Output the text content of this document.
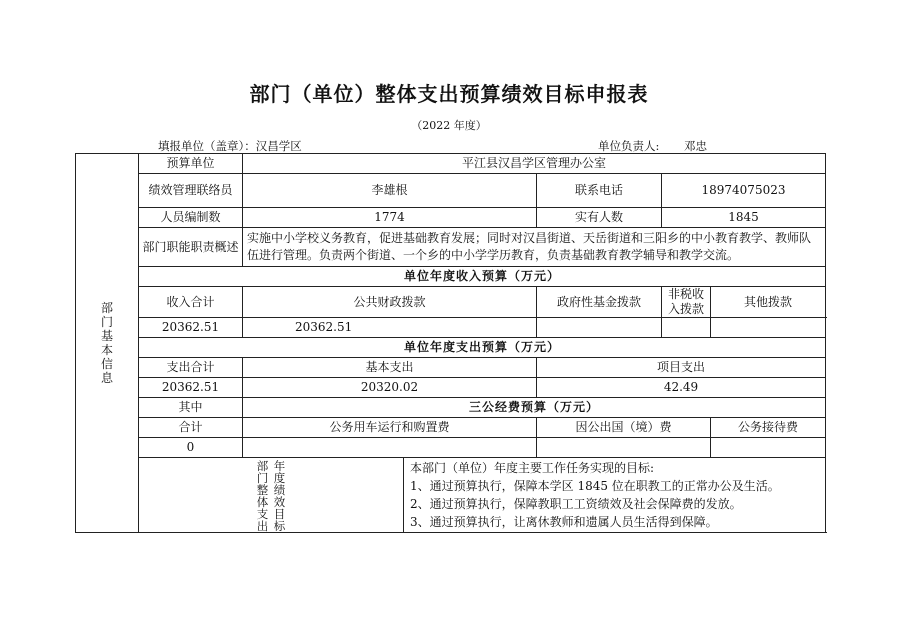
部门（单位）整体支出预算绩效目标申报表
（2022 年度）
填报单位（盖章）：汉昌学区	单位负责人: 邓忠
部门基本信息	预算单位	平江县汉昌学区管理办公室				
	绩效管理联络员	李雄根		联系电话	18974075023	
	人员编制数	1774		实有人数	1845	
	部门职能职责概述	实施中小学校义务教育，促进基础教育发展；同时对汉昌街道、天岳街道和三阳乡的中小教育教学、教师队伍进行管理。负责两个街道、一个乡的中小学学历教育，负责基础教育教学辅导和教学交流。				
	单位年度收入预算（万元）					
	收入合计	公共财政拨款		政府性基金拨款	非税收入拨款	其他拨款
	20362.51	20362.51				
	单位年度支出预算（万元）					
	支出合计	基本支出		项目支出		
	20362.51	20320.02		42.49		
	其中	三公经费预算（万元）				
	合计	公务用车运行和购置费		因公出国（境）费		公务接待费
	0					

	部门整体支出
年度绩效目标		本部门（单位）年度主要工作任务实现的目标:
1、通过预算执行，保障本学区 1845 位在职教工的正常办公及生活。
2、通过预算执行，保障教职工工资绩效及社会保障费的发放。
3、通过预算执行，让离休教师和遗属人员生活得到保障。			
